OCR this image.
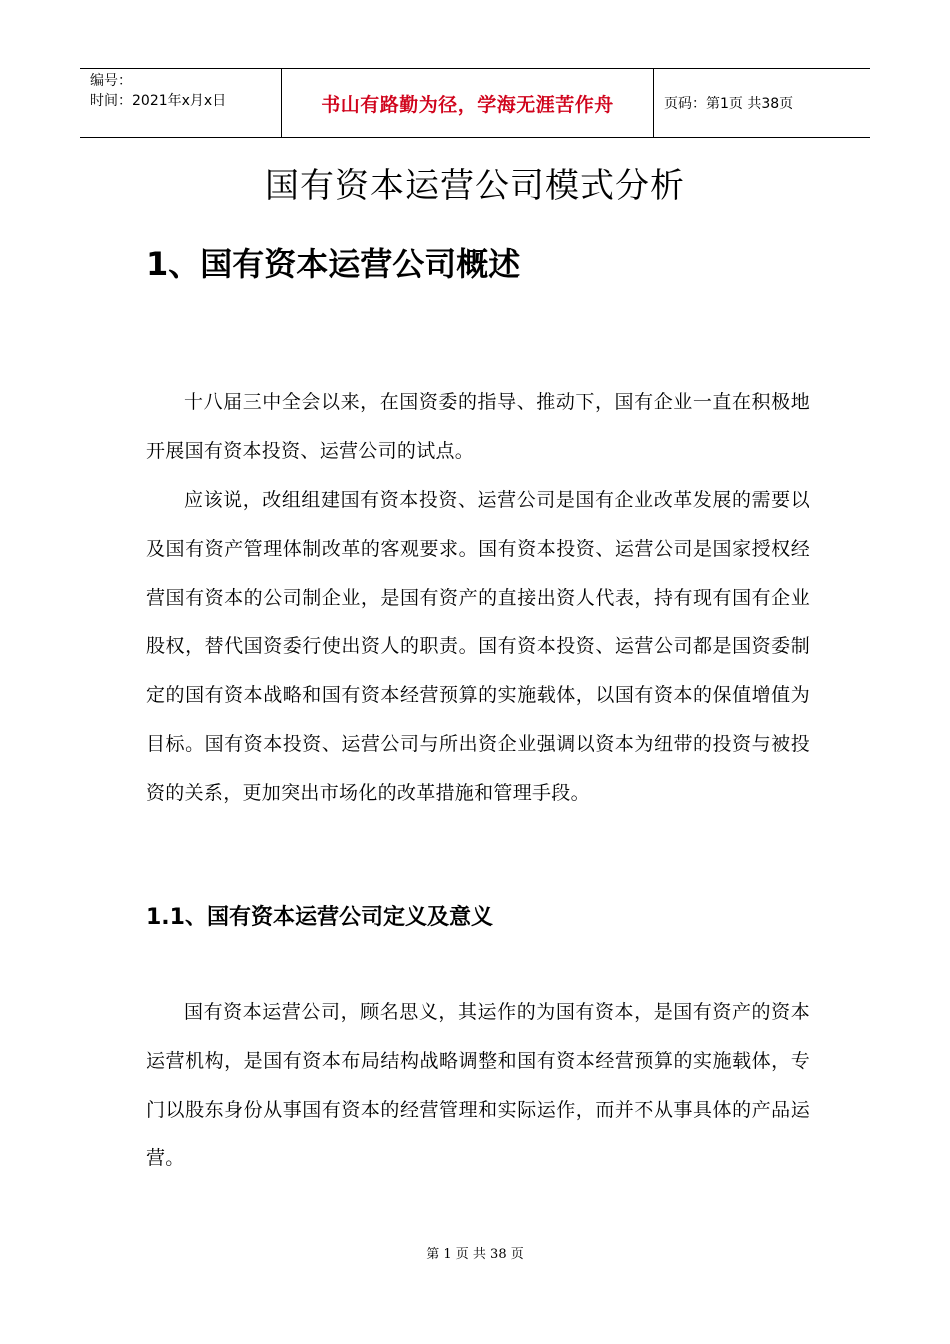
编号：
时间：2021年x月x日	书山有路勤为径，学海无涯苦作舟	页码：第1页 共38页
国有资本运营公司模式分析
1、国有资本运营公司概述

十八届三中全会以来，在国资委的指导、推动下，国有企业一直在积极地开展国有资本投资、运营公司的试点。

应该说，改组组建国有资本投资、运营公司是国有企业改革发展的需要以及国有资产管理体制改革的客观要求。国有资本投资、运营公司是国家授权经营国有资本的公司制企业，是国有资产的直接出资人代表，持有现有国有企业股权，替代国资委行使出资人的职责。国有资本投资、运营公司都是国资委制定的国有资本战略和国有资本经营预算的实施载体，以国有资本的保值增值为目标。国有资本投资、运营公司与所出资企业强调以资本为纽带的投资与被投资的关系，更加突出市场化的改革措施和管理手段。

1.1、国有资本运营公司定义及意义

国有资本运营公司，顾名思义，其运作的为国有资本，是国有资产的资本运营机构，是国有资本布局结构战略调整和国有资本经营预算的实施载体，专门以股东身份从事国有资本的经营管理和实际运作，而并不从事具体的产品运营。

第 1 页 共 38 页
